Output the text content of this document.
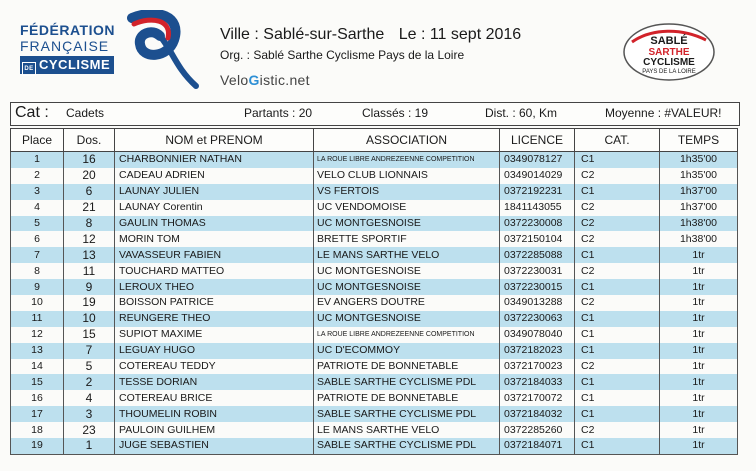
FÉDÉRATION
FRANÇAISE
DE CYCLISME
Ville : Sablé-sur-Sarthe Le : 11 sept 2016
Org. : Sablé Sarthe Cyclisme Pays de la Loire
VeloGistic.net
SABLÉ
SARTHE
CYCLISME
PAYS DE LA LOIRE
Cat : Cadets	Partants : 20	Classés : 19	Dist. : 60, Km	Moyenne : #VALEUR!
Place	Dos.	NOM et PRENOM	ASSOCIATION	LICENCE	CAT.	TEMPS
1	16	CHARBONNIER NATHAN	LA ROUE LIBRE ANDREZEENNE COMPETITION	0349078127	C1	1h35'00
2	20	CADEAU ADRIEN	VELO CLUB LIONNAIS	0349014029	C2	1h35'00
3	6	LAUNAY JULIEN	VS FERTOIS	0372192231	C1	1h37'00
4	21	LAUNAY Corentin	UC VENDOMOISE	1841143055	C2	1h37'00
5	8	GAULIN THOMAS	UC MONTGESNOISE	0372230008	C2	1h38'00
6	12	MORIN TOM	BRETTE SPORTIF	0372150104	C2	1h38'00
7	13	VAVASSEUR FABIEN	LE MANS SARTHE VELO	0372285088	C1	1tr
8	11	TOUCHARD MATTEO	UC MONTGESNOISE	0372230031	C2	1tr
9	9	LEROUX THEO	UC MONTGESNOISE	0372230015	C1	1tr
10	19	BOISSON PATRICE	EV ANGERS DOUTRE	0349013288	C2	1tr
11	10	REUNGERE THEO	UC MONTGESNOISE	0372230063	C1	1tr
12	15	SUPIOT MAXIME	LA ROUE LIBRE ANDREZEENNE COMPETITION	0349078040	C1	1tr
13	7	LEGUAY HUGO	UC D'ECOMMOY	0372182023	C1	1tr
14	5	COTEREAU TEDDY	PATRIOTE DE BONNETABLE	0372170023	C2	1tr
15	2	TESSE DORIAN	SABLE SARTHE CYCLISME PDL	0372184033	C1	1tr
16	4	COTEREAU BRICE	PATRIOTE DE BONNETABLE	0372170072	C1	1tr
17	3	THOUMELIN ROBIN	SABLE SARTHE CYCLISME PDL	0372184032	C1	1tr
18	23	PAULOIN GUILHEM	LE MANS SARTHE VELO	0372285260	C2	1tr
19	1	JUGE SEBASTIEN	SABLE SARTHE CYCLISME PDL	0372184071	C1	1tr
